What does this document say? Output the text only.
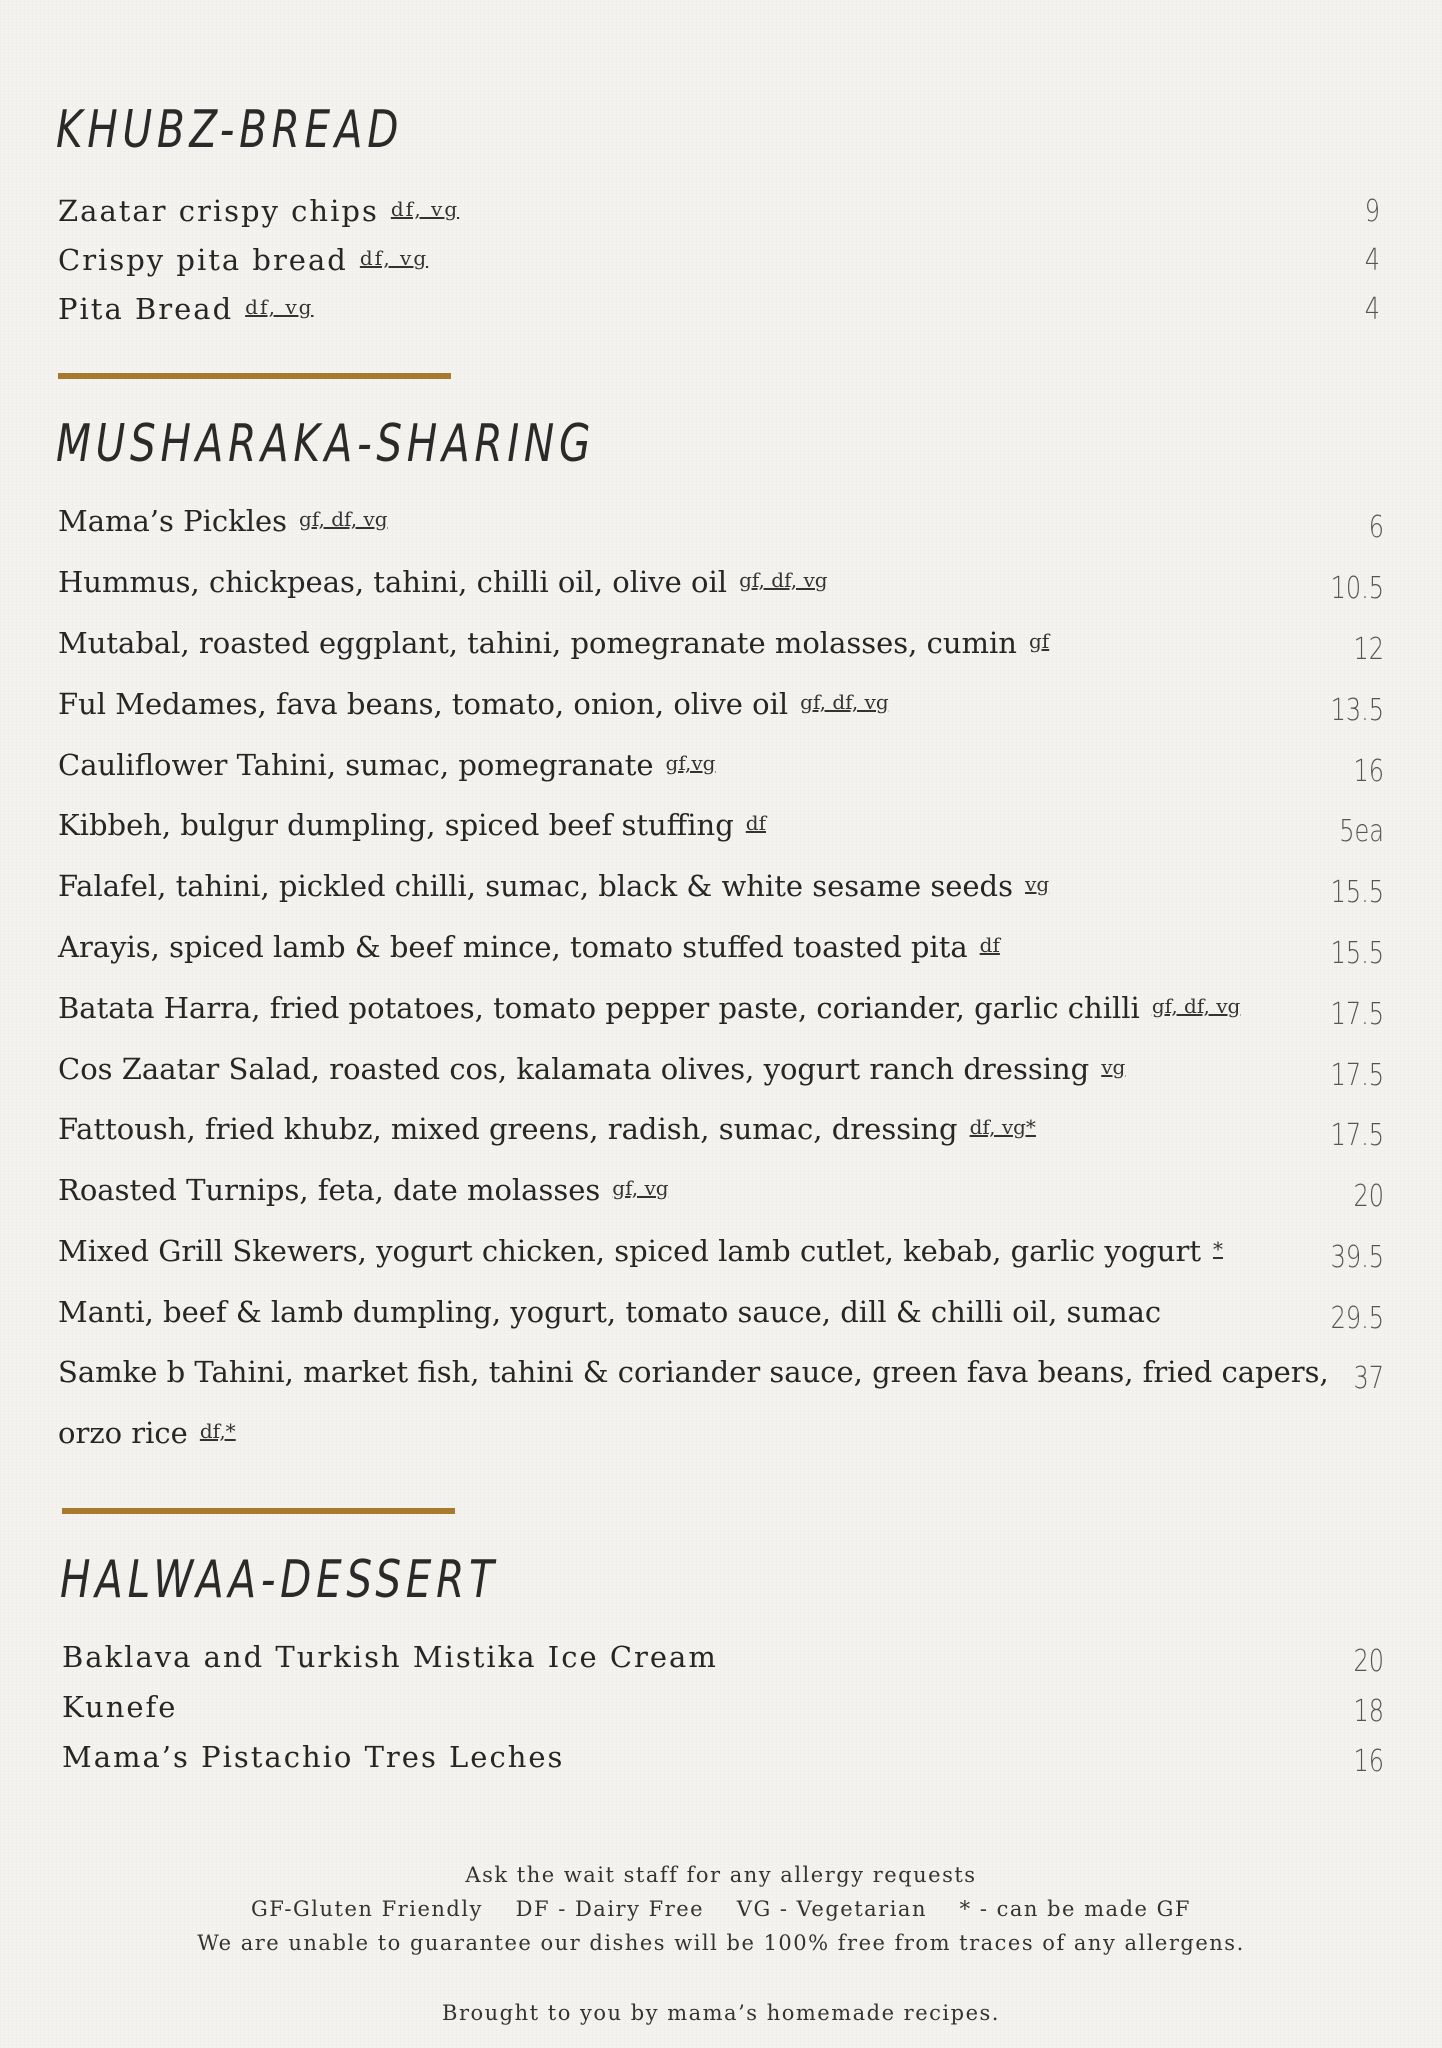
KHUBZ-BREAD
Zaatar crispy chips df, vg	9
Crispy pita bread df, vg	4
Pita Bread df, vg	4
MUSHARAKA-SHARING
Mama’s Pickles gf, df, vg	6
Hummus, chickpeas, tahini, chilli oil, olive oil gf, df, vg	10.5
Mutabal, roasted eggplant, tahini, pomegranate molasses, cumin gf	12
Ful Medames, fava beans, tomato, onion, olive oil gf, df, vg	13.5
Cauliflower Tahini, sumac, pomegranate gf,vg	16
Kibbeh, bulgur dumpling, spiced beef stuffing df	5ea
Falafel, tahini, pickled chilli, sumac, black & white sesame seeds vg	15.5
Arayis, spiced lamb & beef mince, tomato stuffed toasted pita df	15.5
Batata Harra, fried potatoes, tomato pepper paste, coriander, garlic chilli gf, df, vg	17.5
Cos Zaatar Salad, roasted cos, kalamata olives, yogurt ranch dressing vg	17.5
Fattoush, fried khubz, mixed greens, radish, sumac, dressing df, vg*	17.5
Roasted Turnips, feta, date molasses gf, vg	20
Mixed Grill Skewers, yogurt chicken, spiced lamb cutlet, kebab, garlic yogurt *	39.5
Manti, beef & lamb dumpling, yogurt, tomato sauce, dill & chilli oil, sumac	29.5
Samke b Tahini, market fish, tahini & coriander sauce, green fava beans, fried capers, 37
orzo rice df,*
HALWAA-DESSERT
Baklava and Turkish Mistika Ice Cream	20
Kunefe	18
Mama’s Pistachio Tres Leches	16
Ask the wait staff for any allergy requests
GF-Gluten Friendly    DF - Dairy Free    VG - Vegetarian    * - can be made GF
We are unable to guarantee our dishes will be 100% free from traces of any allergens.
Brought to you by mama’s homemade recipes.
